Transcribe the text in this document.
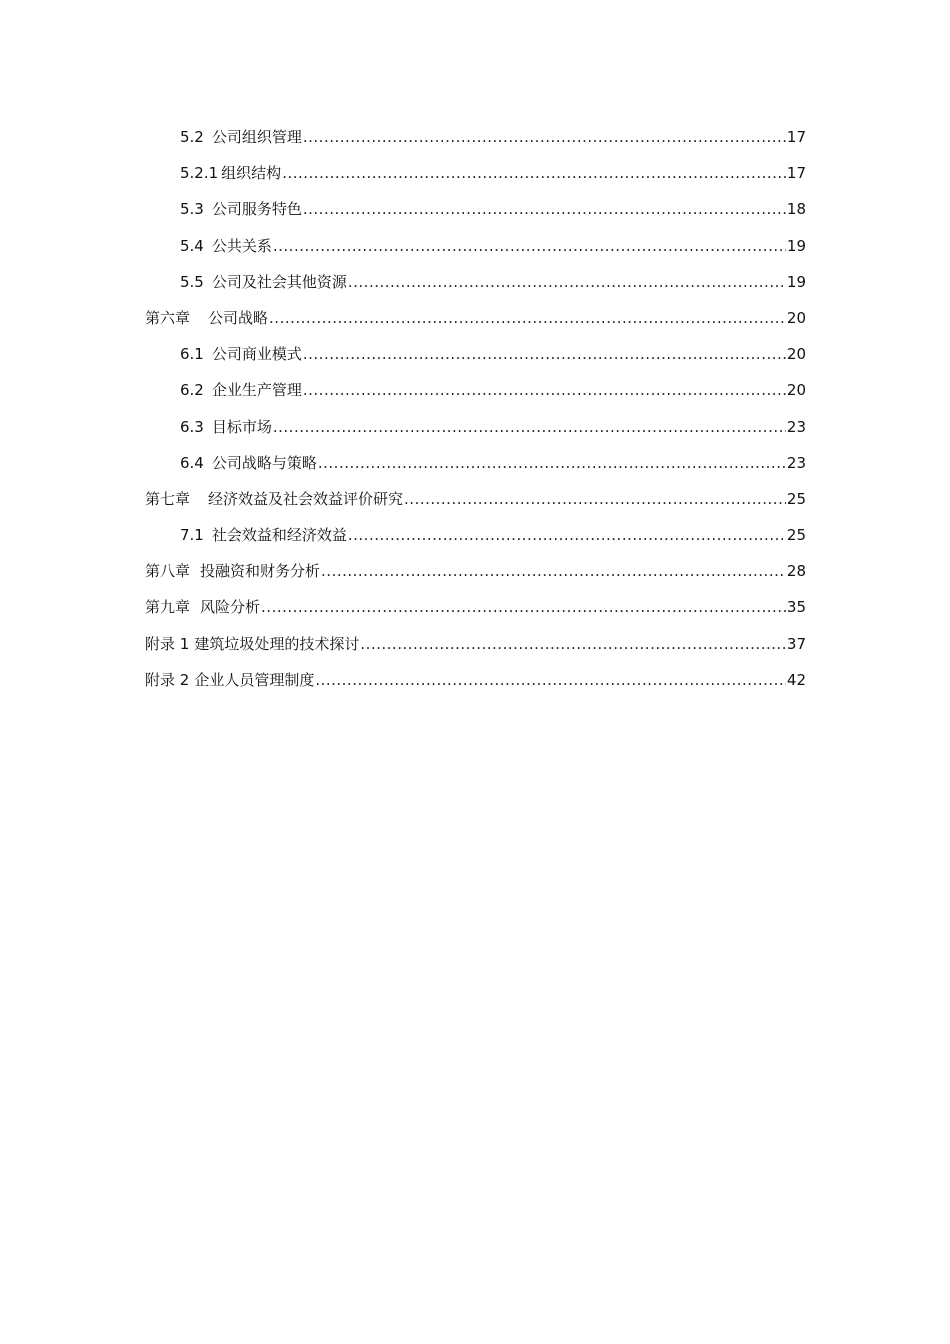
5.2 公司组织管理 .....	17
5.2.1 组织结构 .....	17
5.3 公司服务特色 .....	18
5.4 公共关系 .....	19
5.5 公司及社会其他资源 .....	19
第六章 公司战略 .....	20
6.1 公司商业模式 .....	20
6.2 企业生产管理 .....	20
6.3 目标市场 .....	23
6.4 公司战略与策略 .....	23
第七章 经济效益及社会效益评价研究 .....	25
7.1 社会效益和经济效益 .....	25
第八章 投融资和财务分析 .....	28
第九章 风险分析 .....	35
附录 1 建筑垃圾处理的技术探讨 .....	37
附录 2 企业人员管理制度 .....	42
